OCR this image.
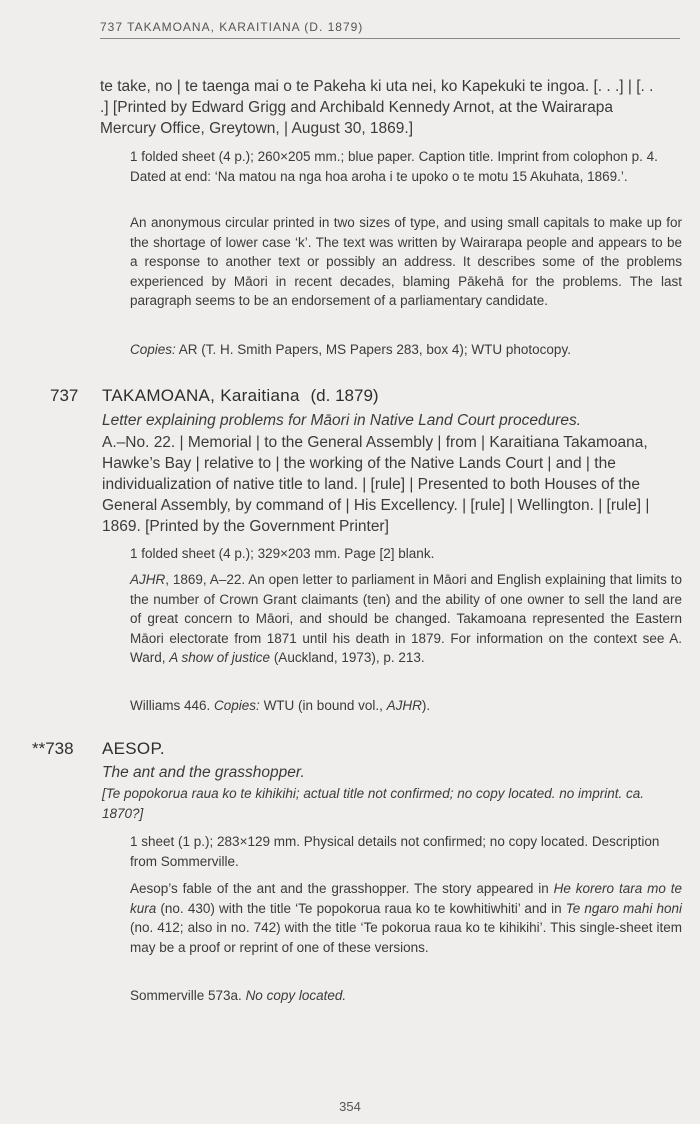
737 TAKAMOANA, KARAITIANA (D. 1879)
te take, no | te taenga mai o te Pakeha ki uta nei, ko Kapekuki te ingoa. [. . .] | [. . .] [Printed by Edward Grigg and Archibald Kennedy Arnot, at the Wairarapa Mercury Office, Greytown, | August 30, 1869.]
1 folded sheet (4 p.); 260×205 mm.; blue paper. Caption title. Imprint from colophon p. 4. Dated at end: ‘Na matou na nga hoa aroha i te upoko o te motu 15 Akuhata, 1869.’.
An anonymous circular printed in two sizes of type, and using small capitals to make up for the shortage of lower case ‘k’. The text was written by Wairarapa people and appears to be a response to another text or possibly an address. It describes some of the problems experienced by Māori in recent decades, blaming Pākehā for the problems. The last paragraph seems to be an endorsement of a parliamentary candidate.
Copies: AR (T. H. Smith Papers, MS Papers 283, box 4); WTU photocopy.
737 TAKAMOANA, Karaitiana (d. 1879)
Letter explaining problems for Māori in Native Land Court procedures.
A.–No. 22. | Memorial | to the General Assembly | from | Karaitiana Takamoana, Hawke’s Bay | relative to | the working of the Native Lands Court | and | the individualization of native title to land. | [rule] | Presented to both Houses of the General Assembly, by command of | His Excellency. | [rule] | Wellington. | [rule] | 1869. [Printed by the Government Printer]
1 folded sheet (4 p.); 329×203 mm. Page [2] blank.
AJHR, 1869, A–22. An open letter to parliament in Māori and English explaining that limits to the number of Crown Grant claimants (ten) and the ability of one owner to sell the land are of great concern to Māori, and should be changed. Takamoana represented the Eastern Māori electorate from 1871 until his death in 1879. For information on the context see A. Ward, A show of justice (Auckland, 1973), p. 213.
Williams 446. Copies: WTU (in bound vol., AJHR).
**738 AESOP.
The ant and the grasshopper.
[Te popokorua raua ko te kihikihi; actual title not confirmed; no copy located. no imprint. ca. 1870?]
1 sheet (1 p.); 283×129 mm. Physical details not confirmed; no copy located. Description from Sommerville.
Aesop’s fable of the ant and the grasshopper. The story appeared in He korero tara mo te kura (no. 430) with the title ‘Te popokorua raua ko te kowhitiwhiti’ and in Te ngaro mahi honi (no. 412; also in no. 742) with the title ‘Te pokorua raua ko te kihikihi’. This single-sheet item may be a proof or reprint of one of these versions.
Sommerville 573a. No copy located.
354
